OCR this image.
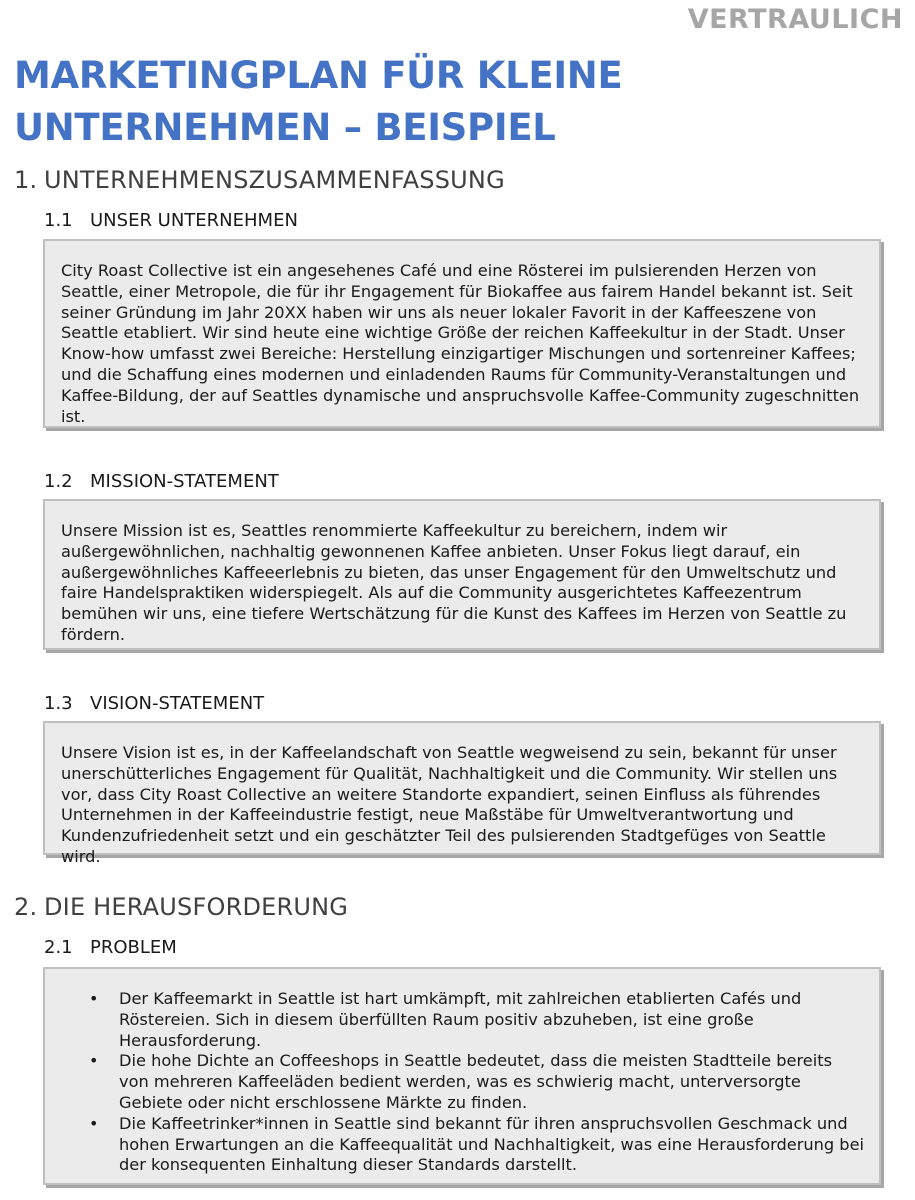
VERTRAULICH
MARKETINGPLAN FÜR KLEINE UNTERNEHMEN – BEISPIEL
1. UNTERNEHMENSZUSAMMENFASSUNG
1.1 UNSER UNTERNEHMEN

City Roast Collective ist ein angesehenes Café und eine Rösterei im pulsierenden Herzen von Seattle, einer Metropole, die für ihr Engagement für Biokaffee aus fairem Handel bekannt ist. Seit seiner Gründung im Jahr 20XX haben wir uns als neuer lokaler Favorit in der Kaffeeszene von Seattle etabliert. Wir sind heute eine wichtige Größe der reichen Kaffeekultur in der Stadt. Unser Know-how umfasst zwei Bereiche: Herstellung einzigartiger Mischungen und sortenreiner Kaffees; und die Schaffung eines modernen und einladenden Raums für Community-Veranstaltungen und Kaffee-Bildung, der auf Seattles dynamische und anspruchsvolle Kaffee-Community zugeschnitten ist.

1.2 MISSION-STATEMENT

Unsere Mission ist es, Seattles renommierte Kaffeekultur zu bereichern, indem wir außergewöhnlichen, nachhaltig gewonnenen Kaffee anbieten. Unser Fokus liegt darauf, ein außergewöhnliches Kaffeeerlebnis zu bieten, das unser Engagement für den Umweltschutz und faire Handelspraktiken widerspiegelt. Als auf die Community ausgerichtetes Kaffeezentrum bemühen wir uns, eine tiefere Wertschätzung für die Kunst des Kaffees im Herzen von Seattle zu fördern.

1.3 VISION-STATEMENT

Unsere Vision ist es, in der Kaffeelandschaft von Seattle wegweisend zu sein, bekannt für unser unerschütterliches Engagement für Qualität, Nachhaltigkeit und die Community. Wir stellen uns vor, dass City Roast Collective an weitere Standorte expandiert, seinen Einfluss als führendes Unternehmen in der Kaffeeindustrie festigt, neue Maßstäbe für Umweltverantwortung und Kundenzufriedenheit setzt und ein geschätzter Teil des pulsierenden Stadtgefüges von Seattle wird.

2. DIE HERAUSFORDERUNG
2.1 PROBLEM
• Der Kaffeemarkt in Seattle ist hart umkämpft, mit zahlreichen etablierten Cafés und Röstereien. Sich in diesem überfüllten Raum positiv abzuheben, ist eine große Herausforderung.
• Die hohe Dichte an Coffeeshops in Seattle bedeutet, dass die meisten Stadtteile bereits von mehreren Kaffeeläden bedient werden, was es schwierig macht, unterversorgte Gebiete oder nicht erschlossene Märkte zu finden.
• Die Kaffeetrinker*innen in Seattle sind bekannt für ihren anspruchsvollen Geschmack und hohen Erwartungen an die Kaffeequalität und Nachhaltigkeit, was eine Herausforderung bei der konsequenten Einhaltung dieser Standards darstellt.
